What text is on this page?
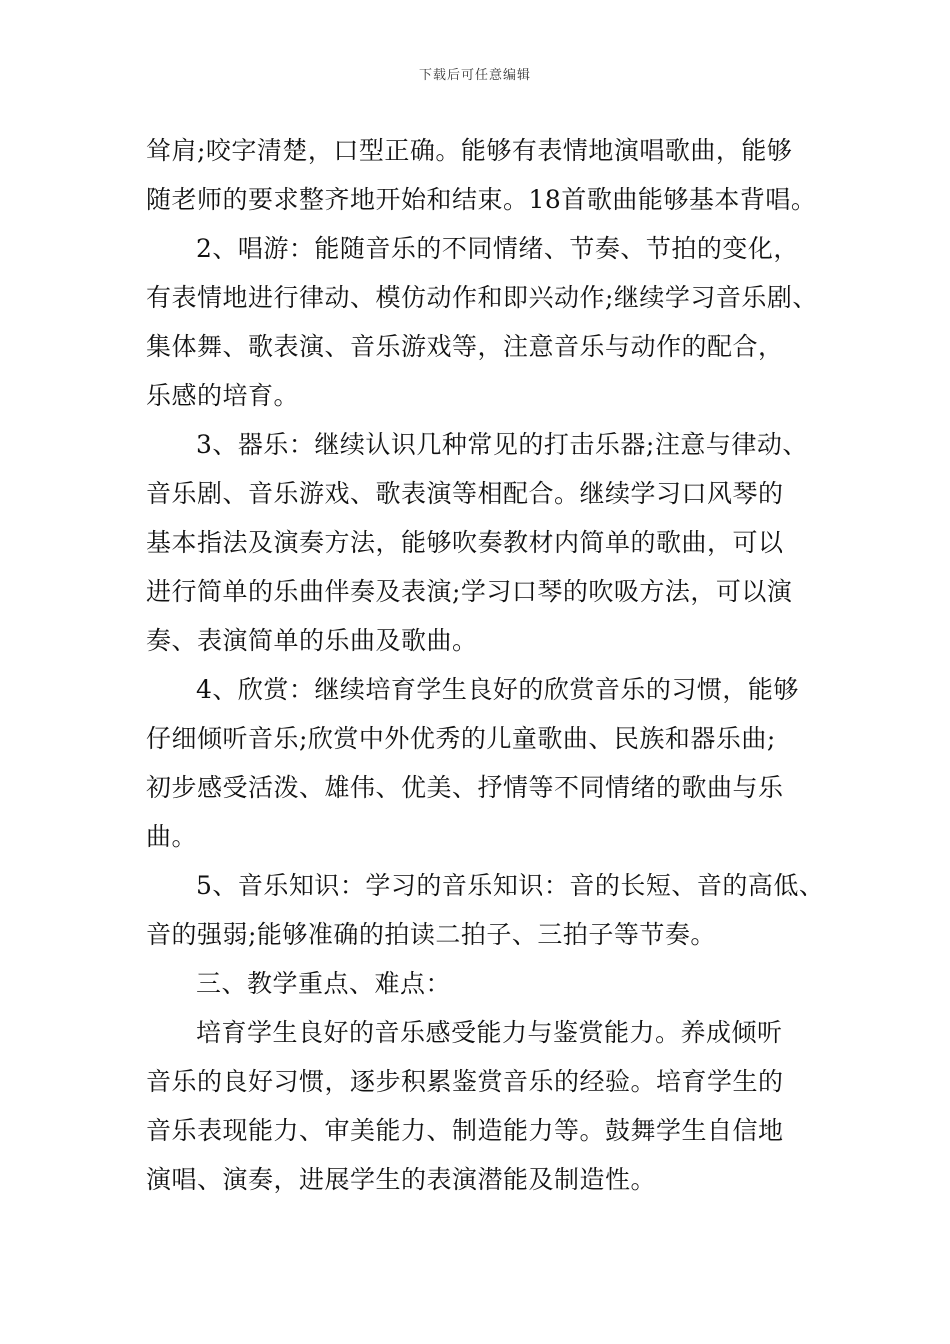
下载后可任意编辑
耸肩;咬字清楚，口型正确。能够有表情地演唱歌曲，能够
随老师的要求整齐地开始和结束。18首歌曲能够基本背唱。
2、唱游：能随音乐的不同情绪、节奏、节拍的变化，
有表情地进行律动、模仿动作和即兴动作;继续学习音乐剧、
集体舞、歌表演、音乐游戏等，注意音乐与动作的配合，
乐感的培育。
3、器乐：继续认识几种常见的打击乐器;注意与律动、
音乐剧、音乐游戏、歌表演等相配合。继续学习口风琴的
基本指法及演奏方法，能够吹奏教材内简单的歌曲，可以
进行简单的乐曲伴奏及表演;学习口琴的吹吸方法，可以演
奏、表演简单的乐曲及歌曲。
4、欣赏：继续培育学生良好的欣赏音乐的习惯，能够
仔细倾听音乐;欣赏中外优秀的儿童歌曲、民族和器乐曲;
初步感受活泼、雄伟、优美、抒情等不同情绪的歌曲与乐
曲。
5、音乐知识：学习的音乐知识：音的长短、音的高低、
音的强弱;能够准确的拍读二拍子、三拍子等节奏。
三、教学重点、难点：
培育学生良好的音乐感受能力与鉴赏能力。养成倾听
音乐的良好习惯，逐步积累鉴赏音乐的经验。培育学生的
音乐表现能力、审美能力、制造能力等。鼓舞学生自信地
演唱、演奏，进展学生的表演潜能及制造性。
